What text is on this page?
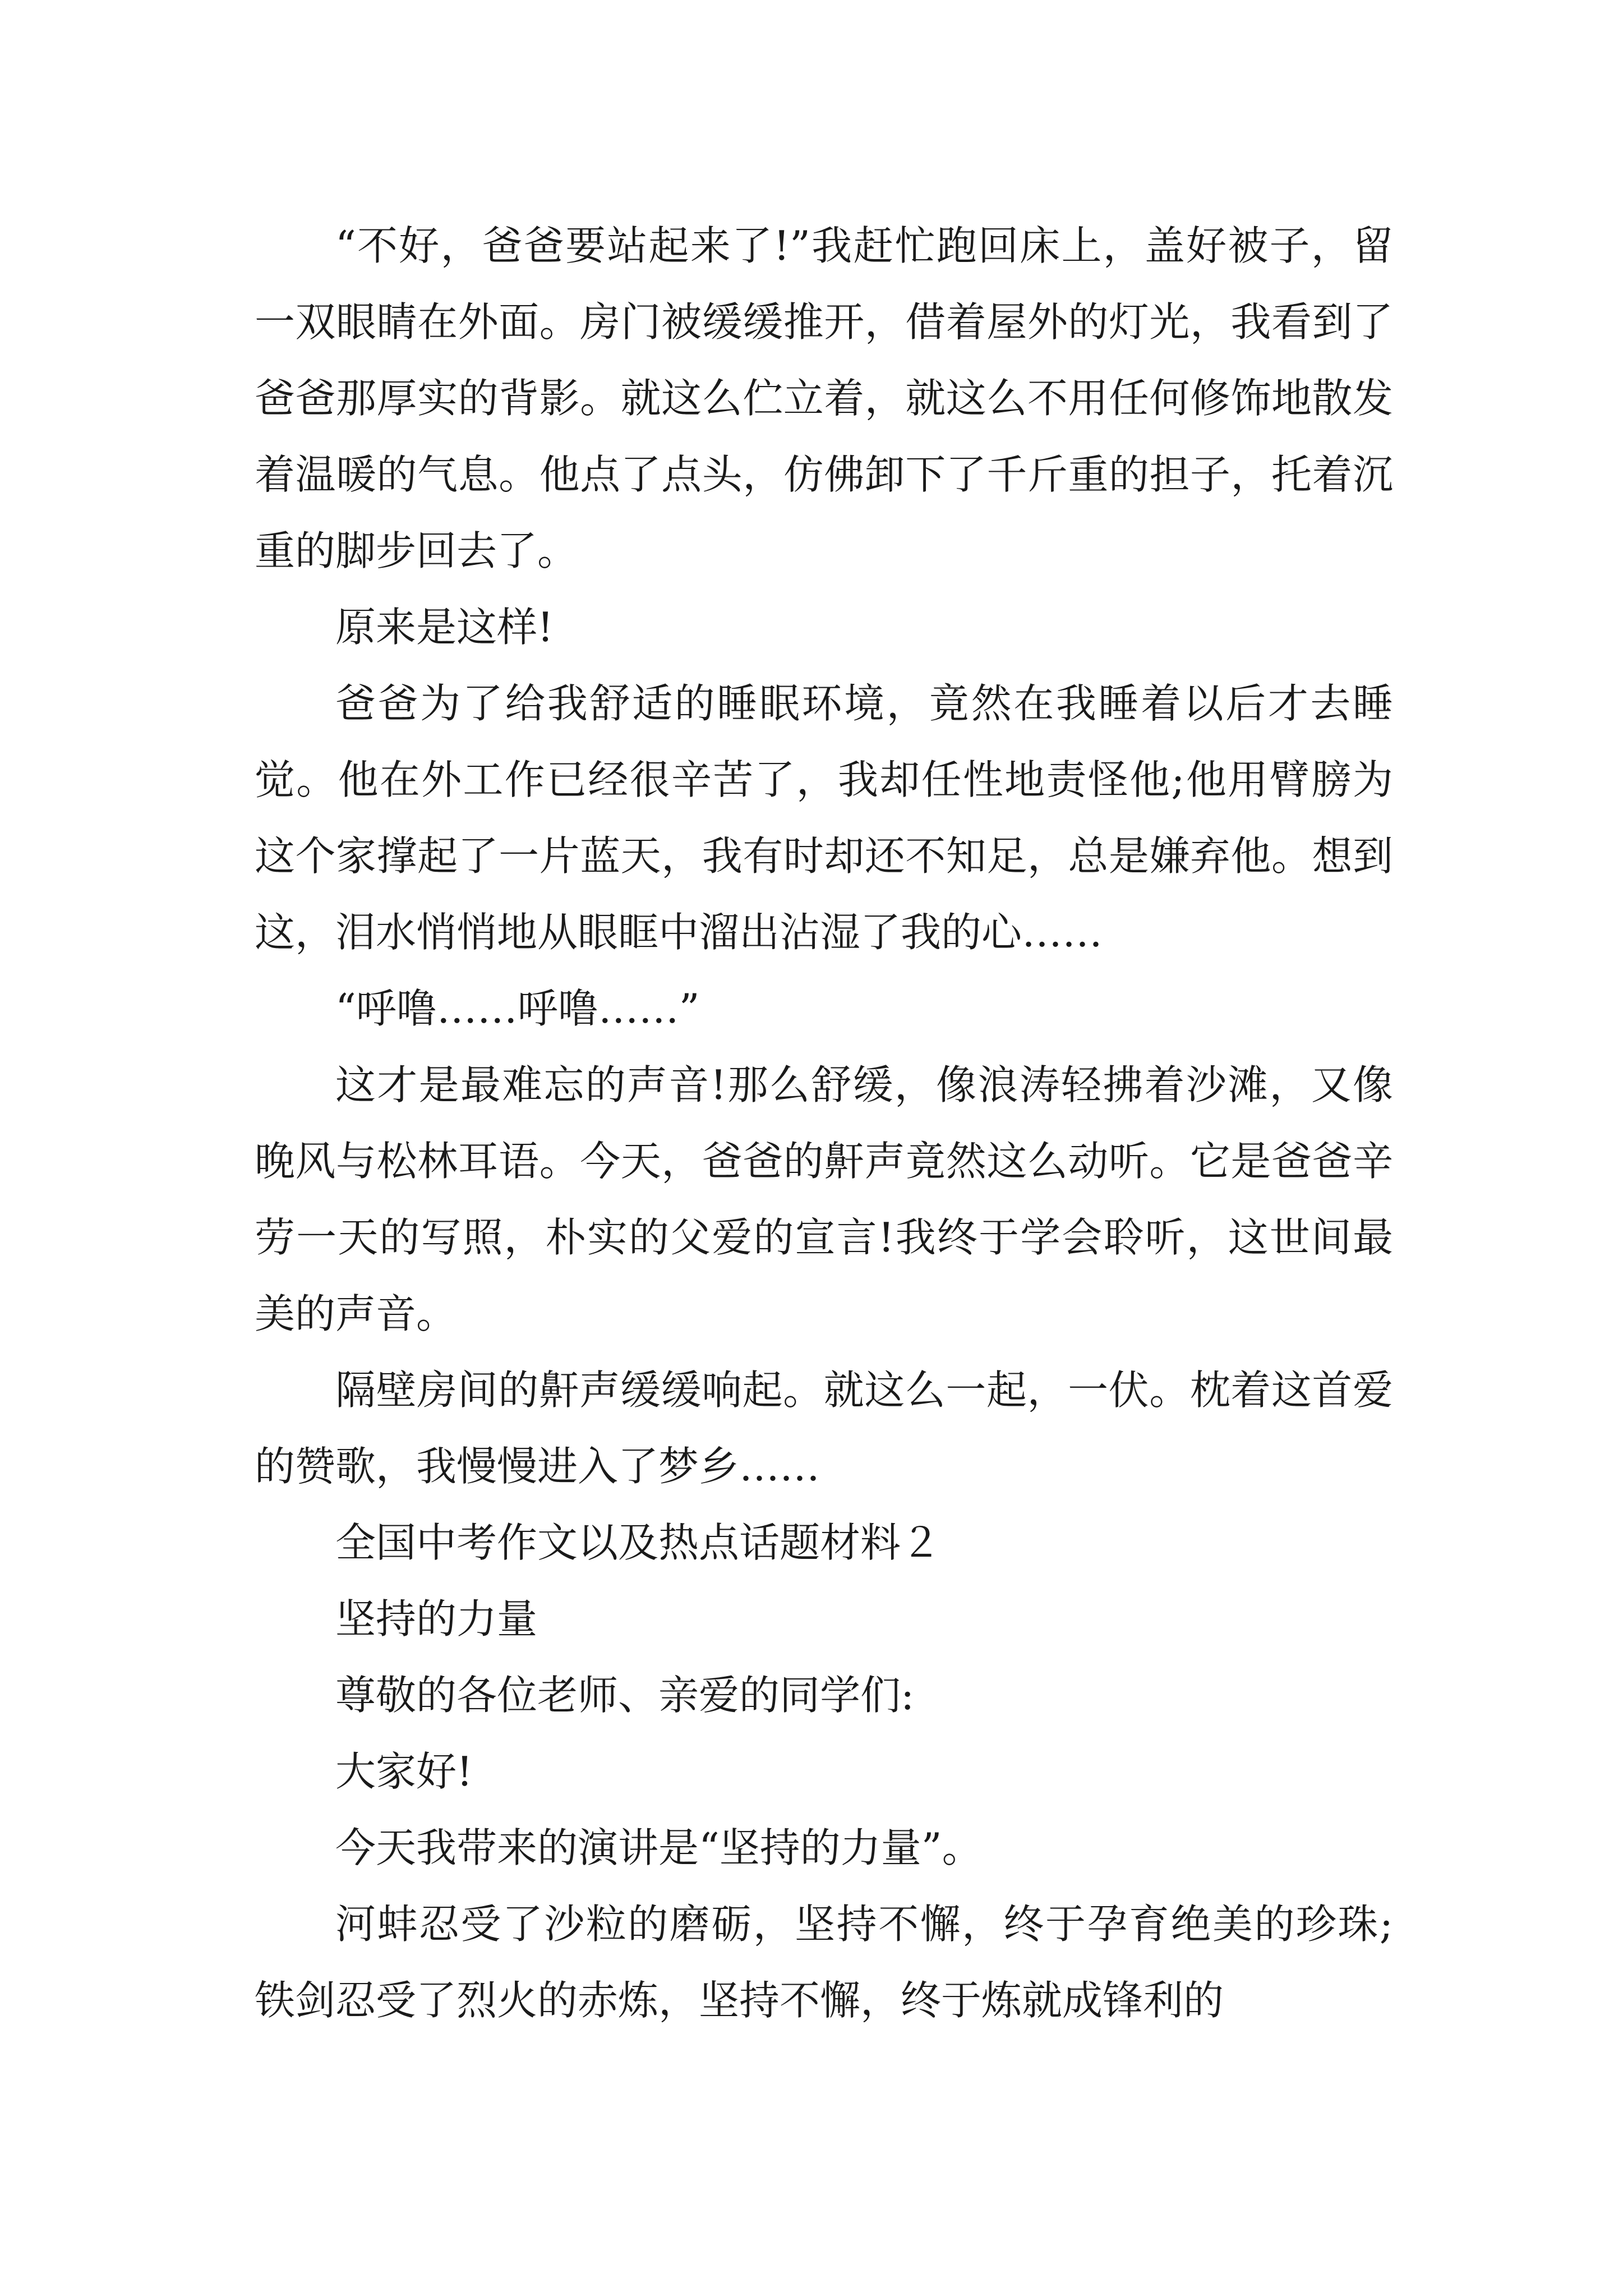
“不好，爸爸要站起来了!”我赶忙跑回床上，盖好被子，留一双眼睛在外面。房门被缓缓推开，借着屋外的灯光，我看到了爸爸那厚实的背影。就这么伫立着，就这么不用任何修饰地散发着温暖的气息。他点了点头，仿佛卸下了千斤重的担子，托着沉重的脚步回去了。

原来是这样!

爸爸为了给我舒适的睡眠环境，竟然在我睡着以后才去睡觉。他在外工作已经很辛苦了，我却任性地责怪他;他用臂膀为这个家撑起了一片蓝天，我有时却还不知足，总是嫌弃他。想到这，泪水悄悄地从眼眶中溜出沾湿了我的心……

“呼噜……呼噜……”

这才是最难忘的声音!那么舒缓，像浪涛轻拂着沙滩，又像晚风与松林耳语。今天，爸爸的鼾声竟然这么动听。它是爸爸辛劳一天的写照，朴实的父爱的宣言!我终于学会聆听，这世间最美的声音。

隔壁房间的鼾声缓缓响起。就这么一起，一伏。枕着这首爱的赞歌，我慢慢进入了梦乡……

全国中考作文以及热点话题材料２

坚持的力量

尊敬的各位老师、亲爱的同学们:

大家好!

今天我带来的演讲是“坚持的力量”。

河蚌忍受了沙粒的磨砺，坚持不懈，终于孕育绝美的珍珠;铁剑忍受了烈火的赤炼，坚持不懈，终于炼就成锋利的
